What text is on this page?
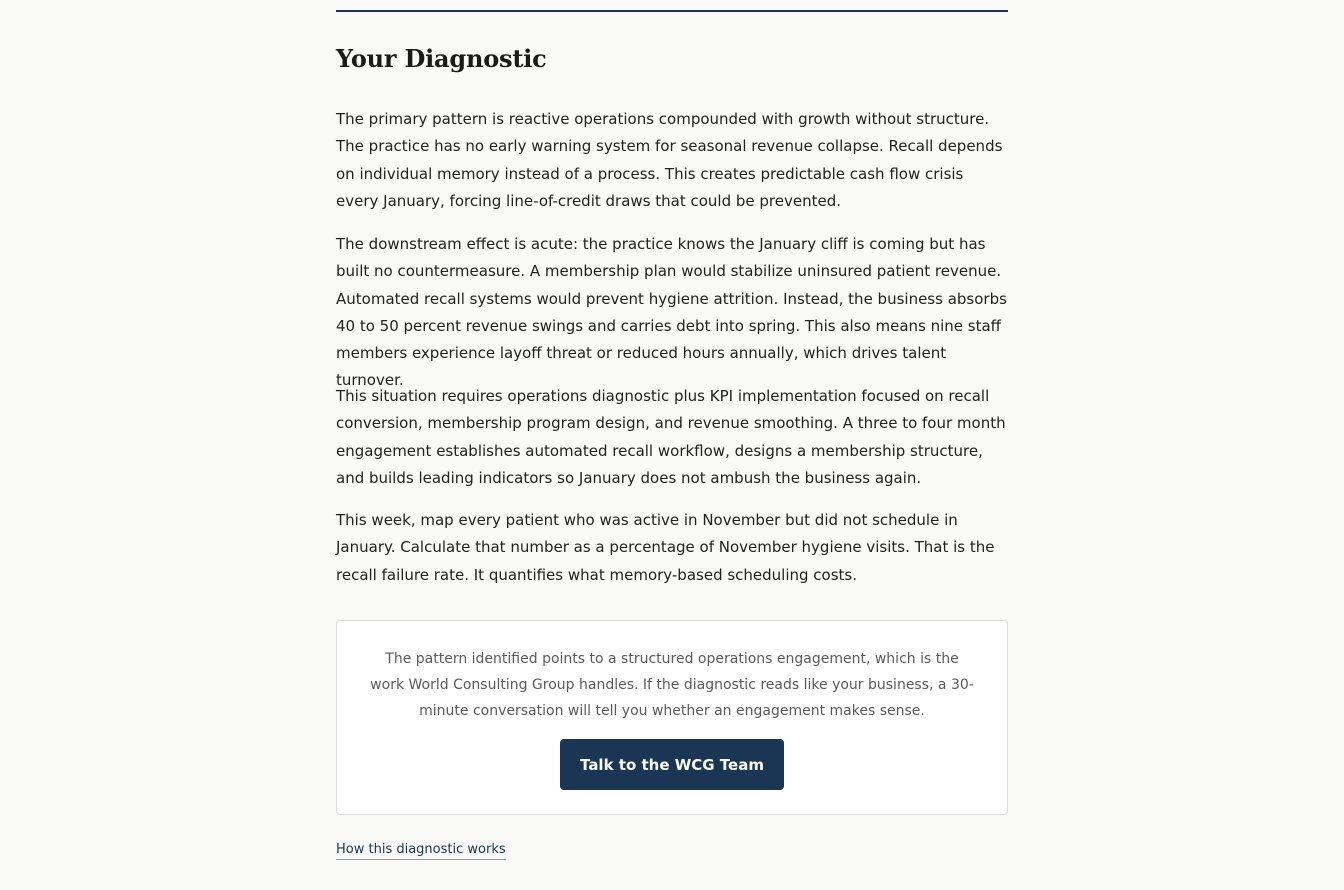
Your Diagnostic

The primary pattern is reactive operations compounded with growth without structure. The practice has no early warning system for seasonal revenue collapse. Recall depends on individual memory instead of a process. This creates predictable cash flow crisis every January, forcing line-of-credit draws that could be prevented.

The downstream effect is acute: the practice knows the January cliff is coming but has built no countermeasure. A membership plan would stabilize uninsured patient revenue. Automated recall systems would prevent hygiene attrition. Instead, the business absorbs 40 to 50 percent revenue swings and carries debt into spring. This also means nine staff members experience layoff threat or reduced hours annually, which drives talent turnover.

This situation requires operations diagnostic plus KPI implementation focused on recall conversion, membership program design, and revenue smoothing. A three to four month engagement establishes automated recall workflow, designs a membership structure, and builds leading indicators so January does not ambush the business again.

This week, map every patient who was active in November but did not schedule in January. Calculate that number as a percentage of November hygiene visits. That is the recall failure rate. It quantifies what memory-based scheduling costs.

The pattern identified points to a structured operations engagement, which is the work World Consulting Group handles. If the diagnostic reads like your business, a 30-minute conversation will tell you whether an engagement makes sense.

Talk to the WCG Team
How this diagnostic works
